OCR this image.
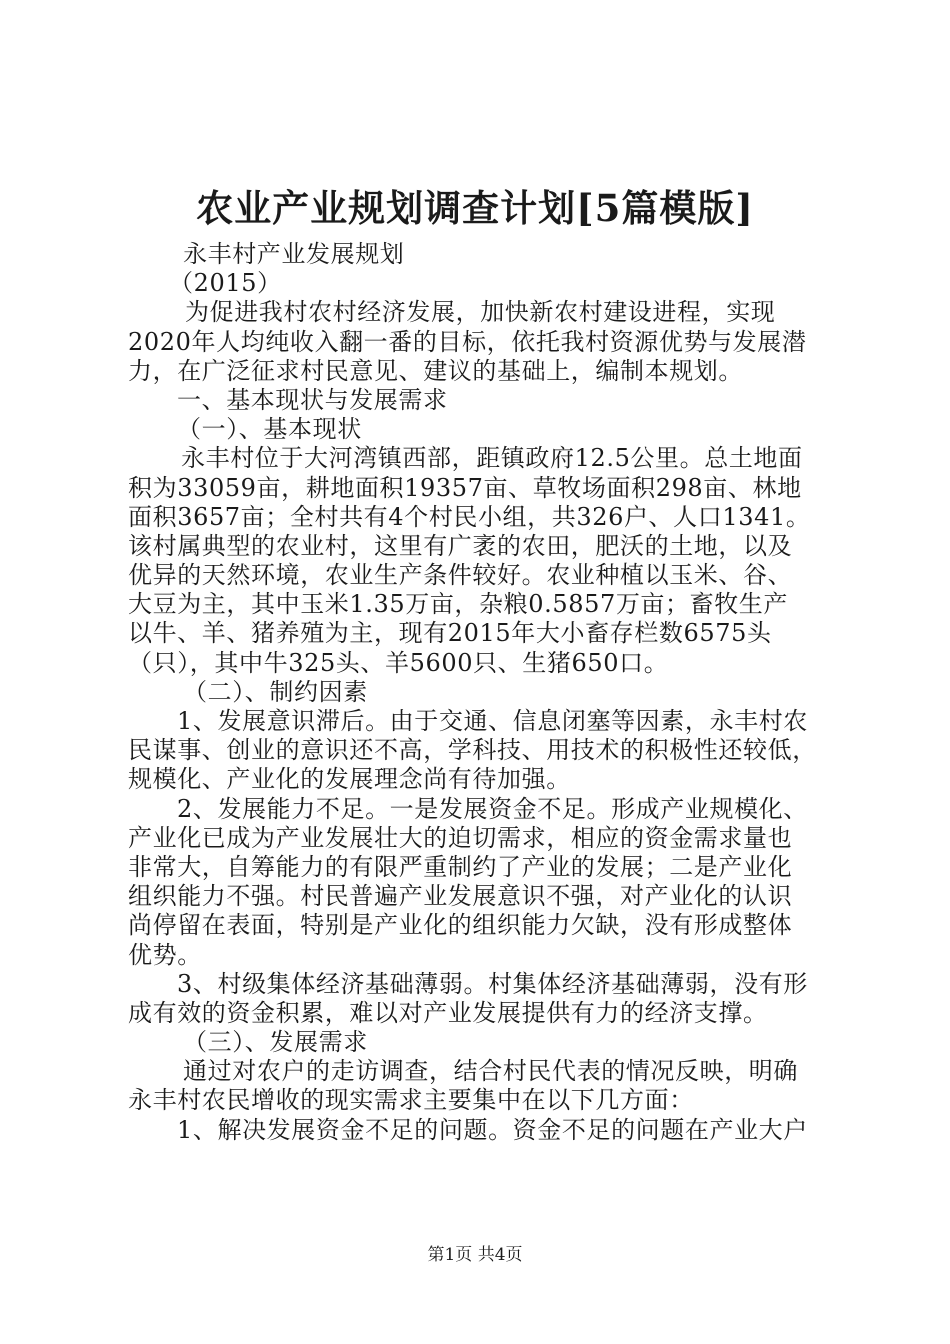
农业产业规划调查计划[5篇模版]
永丰村产业发展规划
（2015）
为促进我村农村经济发展，加快新农村建设进程，实现
2020年人均纯收入翻一番的目标，依托我村资源优势与发展潜
力，在广泛征求村民意见、建议的基础上，编制本规划。
一、基本现状与发展需求
（一）、基本现状
永丰村位于大河湾镇西部，距镇政府12.5公里。总土地面
积为33059亩，耕地面积19357亩、草牧场面积298亩、林地
面积3657亩；全村共有4个村民小组，共326户、人口1341。
该村属典型的农业村，这里有广袤的农田，肥沃的土地，以及
优异的天然环境，农业生产条件较好。农业种植以玉米、谷、
大豆为主，其中玉米1.35万亩，杂粮0.5857万亩；畜牧生产
以牛、羊、猪养殖为主，现有2015年大小畜存栏数6575头
（只），其中牛325头、羊5600只、生猪650口。
（二）、制约因素
1、发展意识滞后。由于交通、信息闭塞等因素，永丰村农
民谋事、创业的意识还不高，学科技、用技术的积极性还较低，
规模化、产业化的发展理念尚有待加强。
2、发展能力不足。一是发展资金不足。形成产业规模化、
产业化已成为产业发展壮大的迫切需求，相应的资金需求量也
非常大，自筹能力的有限严重制约了产业的发展；二是产业化
组织能力不强。村民普遍产业发展意识不强，对产业化的认识
尚停留在表面，特别是产业化的组织能力欠缺，没有形成整体
优势。
3、村级集体经济基础薄弱。村集体经济基础薄弱，没有形
成有效的资金积累，难以对产业发展提供有力的经济支撑。
（三）、发展需求
通过对农户的走访调查，结合村民代表的情况反映，明确
永丰村农民增收的现实需求主要集中在以下几方面：
1、解决发展资金不足的问题。资金不足的问题在产业大户
第1页 共4页
